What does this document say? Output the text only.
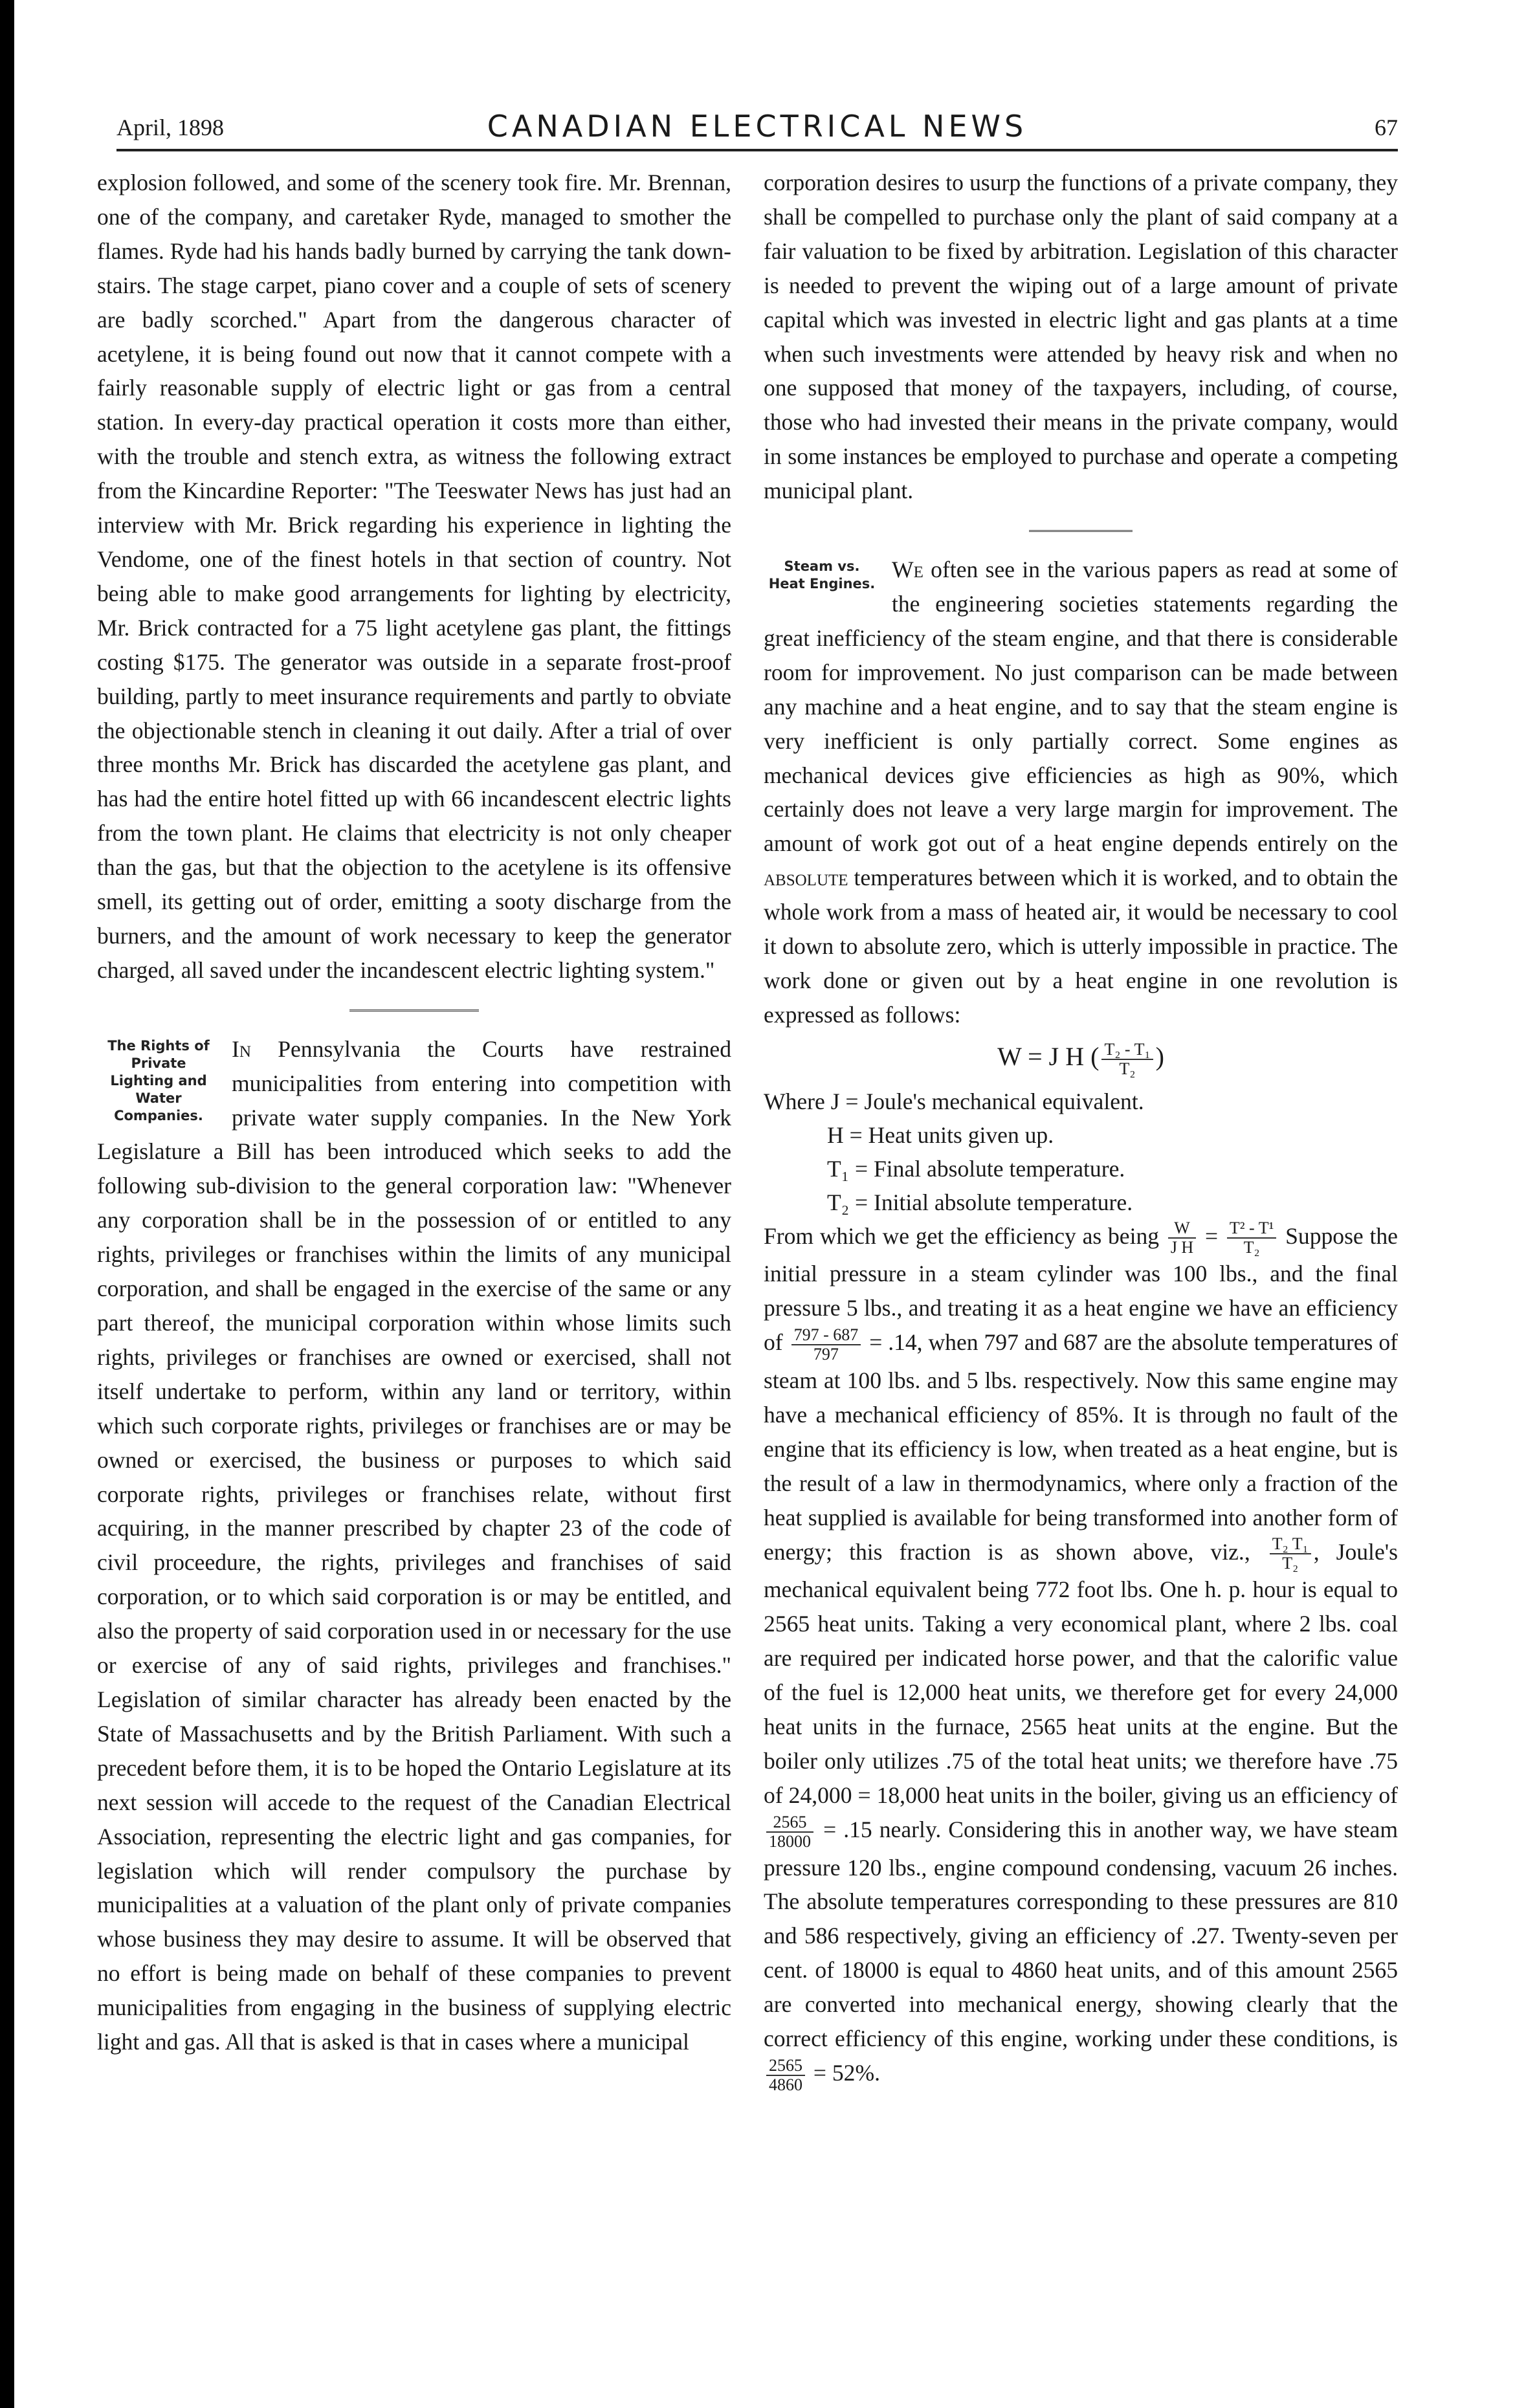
April, 1898	CANADIAN ELECTRICAL NEWS	67

explosion followed, and some of the scenery took fire. Mr. Brennan, one of the company, and caretaker Ryde, managed to smother the flames. Ryde had his hands badly burned by carrying the tank down-stairs. The stage carpet, piano cover and a couple of sets of scenery are badly scorched." Apart from the dangerous character of acetylene, it is being found out now that it cannot compete with a fairly reasonable supply of electric light or gas from a central station. In every-day practical operation it costs more than either, with the trouble and stench extra, as witness the following extract from the Kincardine Reporter: "The Teeswater News has just had an interview with Mr. Brick regarding his experience in lighting the Vendome, one of the finest hotels in that section of country. Not being able to make good arrangements for lighting by electricity, Mr. Brick contracted for a 75 light acetylene gas plant, the fittings costing $175. The generator was outside in a separate frost-proof building, partly to meet insurance requirements and partly to obviate the objectionable stench in cleaning it out daily. After a trial of over three months Mr. Brick has discarded the acetylene gas plant, and has had the entire hotel fitted up with 66 incandescent electric lights from the town plant. He claims that electricity is not only cheaper than the gas, but that the objection to the acetylene is its offensive smell, its getting out of order, emitting a sooty discharge from the burners, and the amount of work necessary to keep the generator charged, all saved under the incandescent electric lighting system."

The Rights of Private Lighting and Water Companies.

In Pennsylvania the Courts have restrained municipalities from entering into competition with private water supply companies. In the New York Legislature a Bill has been introduced which seeks to add the following sub-division to the general corporation law: "Whenever any corporation shall be in the possession of or entitled to any rights, privileges or franchises within the limits of any municipal corporation, and shall be engaged in the exercise of the same or any part thereof, the municipal corporation within whose limits such rights, privileges or franchises are owned or exercised, shall not itself undertake to perform, within any land or territory, within which such corporate rights, privileges or franchises are or may be owned or exercised, the business or purposes to which said corporate rights, privileges or franchises relate, without first acquiring, in the manner prescribed by chapter 23 of the code of civil proceedure, the rights, privileges and franchises of said corporation, or to which said corporation is or may be entitled, and also the property of said corporation used in or necessary for the use or exercise of any of said rights, privileges and franchises." Legislation of similar character has already been enacted by the State of Massachusetts and by the British Parliament. With such a precedent before them, it is to be hoped the Ontario Legislature at its next session will accede to the request of the Canadian Electrical Association, representing the electric light and gas companies, for legislation which will render compulsory the purchase by municipalities at a valuation of the plant only of private companies whose business they may desire to assume. It will be observed that no effort is being made on behalf of these companies to prevent municipalities from engaging in the business of supplying electric light and gas. All that is asked is that in cases where a municipal

corporation desires to usurp the functions of a private company, they shall be compelled to purchase only the plant of said company at a fair valuation to be fixed by arbitration. Legislation of this character is needed to prevent the wiping out of a large amount of private capital which was invested in electric light and gas plants at a time when such investments were attended by heavy risk and when no one supposed that money of the taxpayers, including, of course, those who had invested their means in the private company, would in some instances be employed to purchase and operate a competing municipal plant.

Steam vs. Heat Engines.

We often see in the various papers as read at some of the engineering societies statements regarding the great inefficiency of the steam engine, and that there is considerable room for improvement. No just comparison can be made between any machine and a heat engine, and to say that the steam engine is very inefficient is only partially correct. Some engines as mechanical devices give efficiencies as high as 90%, which certainly does not leave a very large margin for improvement. The amount of work got out of a heat engine depends entirely on the absolute temperatures between which it is worked, and to obtain the whole work from a mass of heated air, it would be necessary to cool it down to absolute zero, which is utterly impossible in practice. The work done or given out by a heat engine in one revolution is expressed as follows:

W = J H ( $\frac{\text{T₂ - T₁}}{\text{T₂}}$ )
Where J = Joule's mechanical equivalent.
H = Heat units given up.
T₁ = Final absolute temperature.
T₂ = Initial absolute temperature.

From which we get the efficiency as being $\frac{W}{\text{J H}} = \frac{\text{T² - T¹}}{\text{T₂}}$ Suppose the initial pressure in a steam cylinder was 100 lbs., and the final pressure 5 lbs., and treating it as a heat engine we have an efficiency of $\frac{797 - 687}{797} = .14$, when 797 and 687 are the absolute temperatures of steam at 100 lbs. and 5 lbs. respectively. Now this same engine may have a mechanical efficiency of 85%. It is through no fault of the engine that its efficiency is low, when treated as a heat engine, but is the result of a law in thermodynamics, where only a fraction of the heat supplied is available for being transformed into another form of energy; this fraction is as shown above, viz., $\frac{\text{T₂ T₁}}{\text{T₂}}$ , Joule's mechanical equivalent being 772 foot lbs. One h. p. hour is equal to 2565 heat units. Taking a very economical plant, where 2 lbs. coal are required per indicated horse power, and that the calorific value of the fuel is 12,000 heat units, we therefore get for every 24,000 heat units in the furnace, 2565 heat units at the engine. But the boiler only utilizes .75 of the total heat units; we therefore have .75 of 24,000 = 18,000 heat units in the boiler, giving us an efficiency of
$\frac{2565}{18000} = .15$ nearly. Considering this in another way, we have steam pressure 120 lbs., engine compound condensing, vacuum 26 inches. The absolute temperatures corresponding to these pressures are 810 and 586 respectively, giving an efficiency of .27. Twenty-seven per cent. of 18000 is equal to 4860 heat units, and of this amount 2565 are converted into mechanical energy, showing clearly that the correct efficiency of this engine, working under these conditions, is
$\frac{2565}{4860} = 52\%$.
